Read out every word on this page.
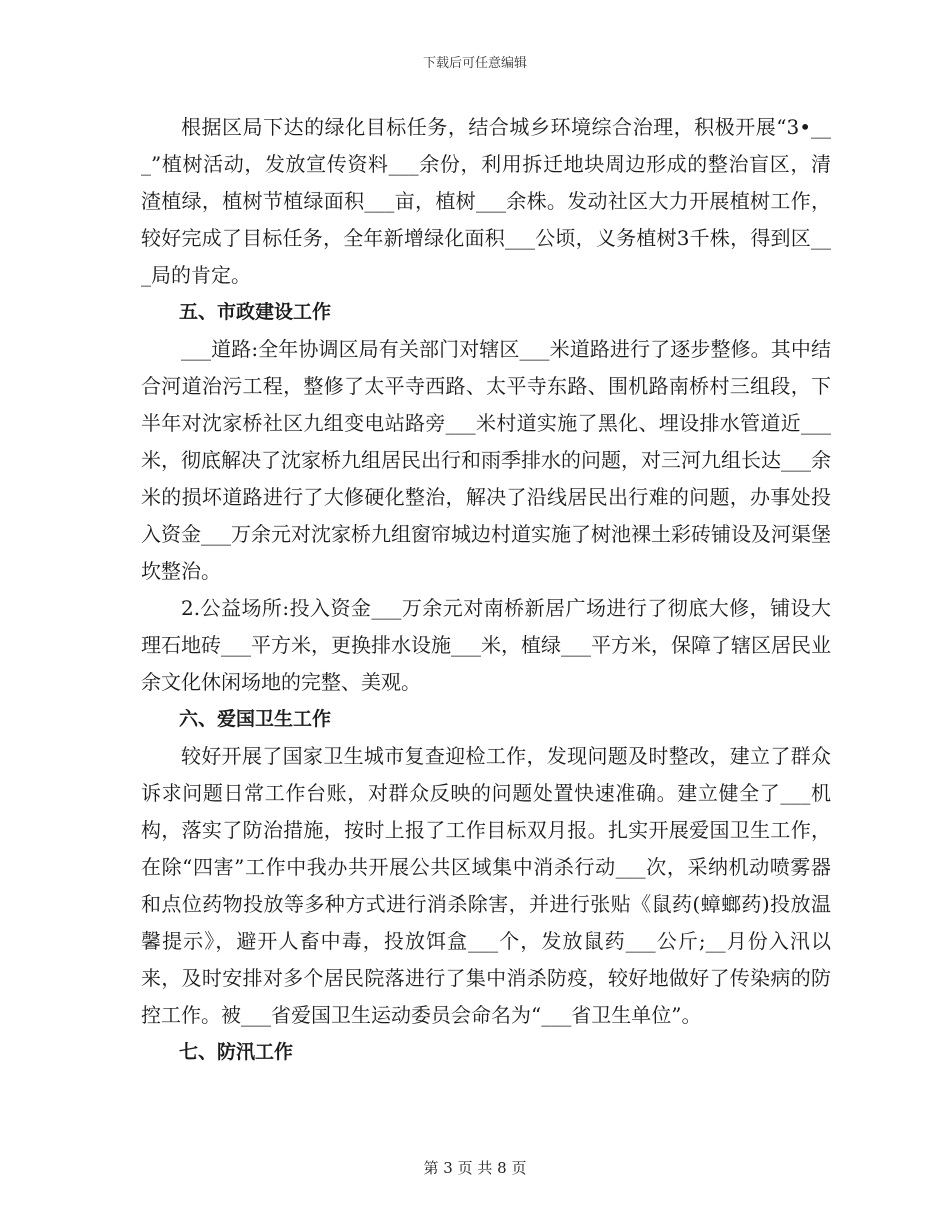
下载后可任意编辑

根据区局下达的绿化目标任务，结合城乡环境综合治理，积极开展“3•___”植树活动，发放宣传资料___余份，利用拆迁地块周边形成的整治盲区，清渣植绿，植树节植绿面积___亩，植树___余株。发动社区大力开展植树工作，较好完成了目标任务，全年新增绿化面积___公顷，义务植树3千株，得到区___局的肯定。

五、市政建设工作

___道路:全年协调区局有关部门对辖区___米道路进行了逐步整修。其中结合河道治污工程，整修了太平寺西路、太平寺东路、围机路南桥村三组段，下半年对沈家桥社区九组变电站路旁___米村道实施了黑化、埋设排水管道近___米，彻底解决了沈家桥九组居民出行和雨季排水的问题，对三河九组长达___余米的损坏道路进行了大修硬化整治，解决了沿线居民出行难的问题，办事处投入资金___万余元对沈家桥九组窗帘城边村道实施了树池裸土彩砖铺设及河渠堡坎整治。

2.公益场所:投入资金___万余元对南桥新居广场进行了彻底大修，铺设大理石地砖___平方米，更换排水设施___米，植绿___平方米，保障了辖区居民业余文化休闲场地的完整、美观。

六、爱国卫生工作

较好开展了国家卫生城市复查迎检工作，发现问题及时整改，建立了群众诉求问题日常工作台账，对群众反映的问题处置快速准确。建立健全了___机构，落实了防治措施，按时上报了工作目标双月报。扎实开展爱国卫生工作，在除“四害”工作中我办共开展公共区域集中消杀行动___次，采纳机动喷雾器和点位药物投放等多种方式进行消杀除害，并进行张贴《鼠药(蟑螂药)投放温馨提示》，避开人畜中毒，投放饵盒___个，发放鼠药___公斤;__月份入汛以来，及时安排对多个居民院落进行了集中消杀防疫，较好地做好了传染病的防控工作。被___省爱国卫生运动委员会命名为“___省卫生单位”。

七、防汛工作

第 3 页 共 8 页
